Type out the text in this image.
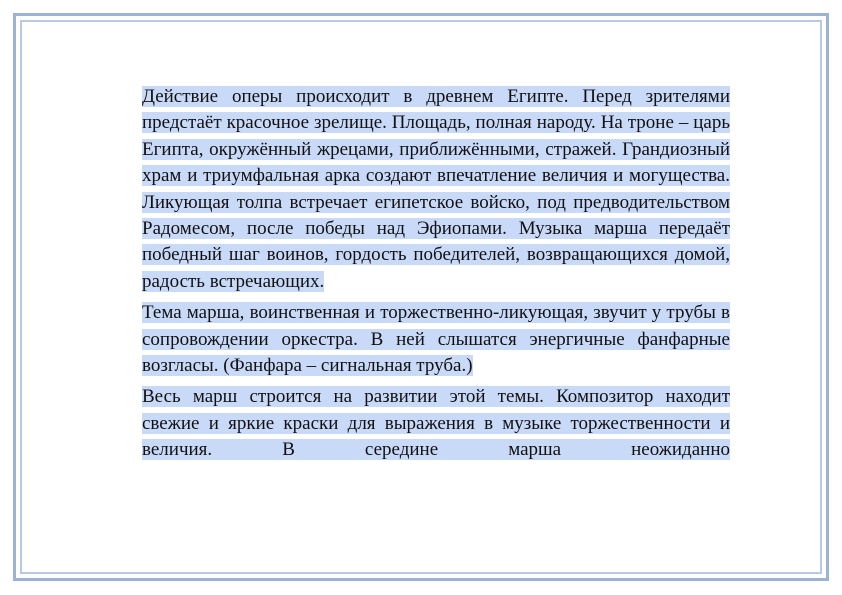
Действие оперы происходит в древнем Египте. Перед зрителями предстаёт красочное зрелище. Площадь, полная народу. На троне – царь Египта, окружённый жрецами, приближёнными, стражей. Грандиозный храм и триумфальная арка создают впечатление величия и могущества. Ликующая толпа встречает египетское войско, под предводительством Радомесом, после победы над Эфиопами. Музыка марша передаёт победный шаг воинов, гордость победителей, возвращающихся домой, радость встречающих.

Тема марша, воинственная и торжественно-ликующая, звучит у трубы в сопровождении оркестра. В ней слышатся энергичные фанфарные возгласы. (Фанфара – сигнальная труба.)

Весь марш строится на развитии этой темы. Композитор находит свежие и яркие краски для выражения в музыке торжественности и величия. В середине марша неожиданно
